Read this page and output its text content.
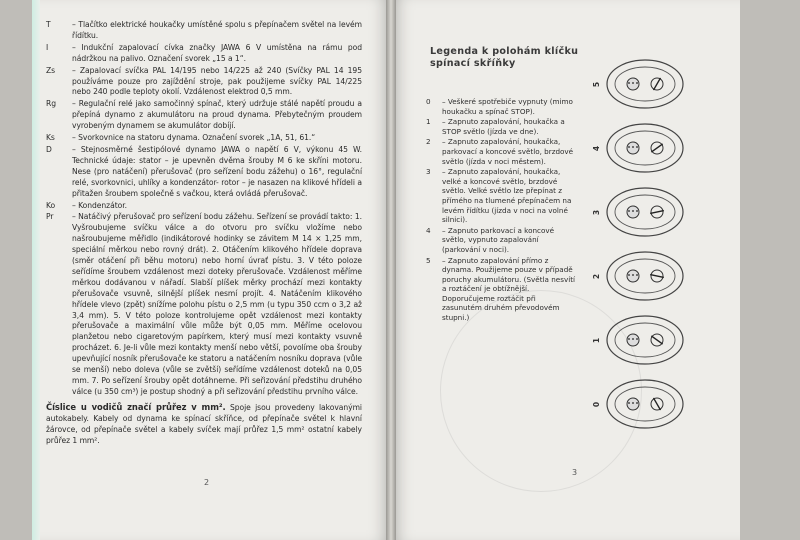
T	– Tlačítko elektrické houkačky umístěné spolu s přepínačem světel na levém řídítku.
I	– Indukční zapalovací cívka značky JAWA 6 V umístěna na rámu pod nádržkou na palivo. Označení svorek „15 a 1“.
Zs	– Zapalovací svíčka PAL 14/195 nebo 14/225 až 240 (Svíčky PAL 14 195 používáme pouze pro zajíždění stroje, pak použijeme svíčky PAL 14/225 nebo 240 podle teploty okolí. Vzdálenost elektrod 0,5 mm.
Rg	– Regulační relé jako samočinný spínač, který udržuje stálé napětí proudu a přepíná dynamo z akumulátoru na proud dynama. Přebytečným proudem vyrobeným dynamem se akumulátor dobíjí.
Ks	– Svorkovnice na statoru dynama. Označení svorek „1A, 51, 61.“
D	– Stejnosměrné šestipólové dynamo JAWA o napětí 6 V, výkonu 45 W. Technické údaje: stator – je upevněn dvěma šrouby M 6 ke skříni motoru. Nese (pro natáčení) přerušovač (pro seřízení bodu zážehu) o 16°, regulační relé, svorkovnici, uhlíky a kondenzátor- rotor – je nasazen na klikové hřídeli a přitažen šroubem společně s vačkou, která ovládá přerušovač.
Ko	– Kondenzátor.
Pr	– Natáčivý přerušovač pro seřízení bodu zážehu. Seřízení se provádí takto: 1. Vyšroubujeme svíčku válce a do otvoru pro svíčku vložíme nebo našroubujeme měřidlo (indikátorové hodinky se závitem M 14 × 1,25 mm, speciální měrkou nebo rovný drát). 2. Otáčením klikového hřídele dopravа (směr otáčení při běhu motoru) nebo horní úvrať pístu. 3. V této poloze seřídíme šroubem vzdálenost mezi doteky přerušovače. Vzdálenost měříme měrkou dodávanou v nářadí. Slabší plíšek měrky prochází mezi kontakty přerušovače vsuvně, silnější plíšek nesmí projít. 4. Natáčením klikového hřídele vlevo (zpět) snížíme polohu pístu o 2,5 mm (u typu 350 ccm o 3,2 až 3,4 mm). 5. V této poloze kontrolujeme opět vzdálenost mezi kontakty přerušovače a maximální vůle může být 0,05 mm. Měříme ocelovou planžetou nebo cigaretovým papírkem, který musí mezi kontakty vsuvně procházet. 6. Je-li vůle mezi kontakty menší nebo větší, povolíme oba šrouby upevňující nosník přerušovače ke statoru a natáčením nosníku doprava (vůle se menší) nebo doleva (vůle se zvětší) seřídíme vzdálenost doteků na 0,05 mm. 7. Po seřízení šrouby opět dotáhneme. Při seřizování předstihu druhého válce (u 350 cm³) je postup shodný a při seřizování předstihu prvního válce.
Číslice u vodičů značí průřez v mm². Spoje jsou provedeny lakovanými autokabely. Kabely od dynama ke spínací skříňce, od přepínače světel k hlavní žárovce, od přepínače světel a kabely svíček mají průřez 1,5 mm² ostatní kabely průřez 1 mm².
2
Legenda k polohám klíčku spínací skříňky
0	– Veškeré spotřebiče vypnuty (mimo houkačku a spínač STOP).
1	– Zapnuto zapalování, houkačka a STOP světlo (jízda ve dne).
2	– Zapnuto zapalování, houkačka, parkovací a koncové světlo, brzdové světlo (jízda v noci městem).
3	– Zapnuto zapalování, houkačka, velké a koncové světlo, brzdové světlo. Velké světlo lze přepínat z přímého na tlumené přepínačem na levém řídítku (jízda v noci na volné silnici).
4	– Zapnuto parkovací a koncové světlo, vypnuto zapalování (parkování v noci).
5	– Zapnuto zapalování přímo z dynama. Použijeme pouze v případě poruchy akumulátoru. (Světla nesvítí a roztáčení je obtížnější. Doporučujeme roztáčit při zasunutém druhém převodovém stupni.)
5
4
3
2
1
0
3
